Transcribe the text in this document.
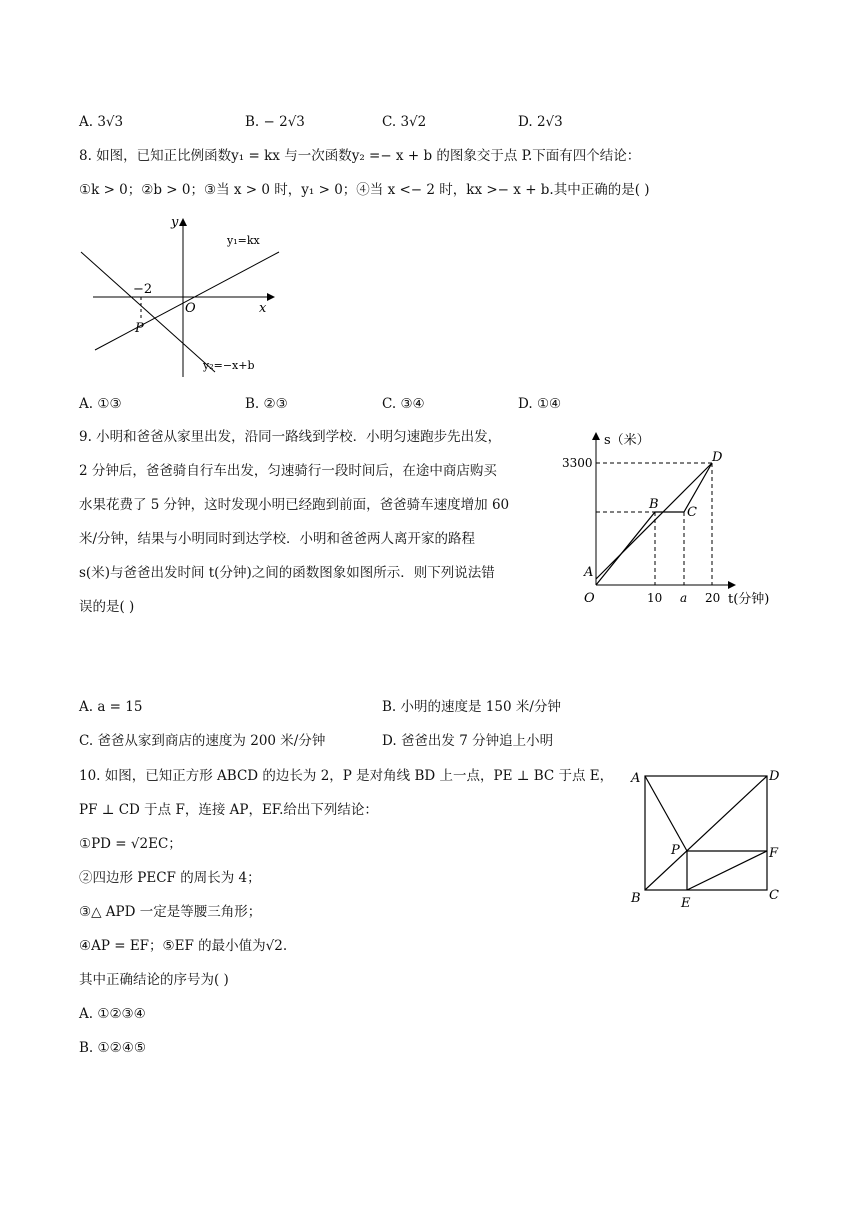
A. 3√3	B. − 2√3	C. 3√2	D. 2√3
8. 如图，已知正比例函数y₁ = kx 与一次函数y₂ =− x + b 的图象交于点 P.下面有四个结论：
①k > 0；②b > 0；③当 x > 0 时，y₁ > 0；④当 x <− 2 时，kx >− x + b.其中正确的是( )
y
x
O
−2
P
y₁=kx
y₂=−x+b
A. ①③	B. ②③	C. ③④	D. ①④
9. 小明和爸爸从家里出发，沿同一路线到学校．小明匀速跑步先出发，
2 分钟后，爸爸骑自行车出发，匀速骑行一段时间后，在途中商店购买
水果花费了 5 分钟，这时发现小明已经跑到前面，爸爸骑车速度增加 60
米/分钟，结果与小明同时到达学校．小明和爸爸两人离开家的路程
s(米)与爸爸出发时间 t(分钟)之间的函数图象如图所示．则下列说法错
误的是( )
s（米）
3300
A
B
C
D
O	10 a 20 t(分钟)
A. a = 15	B. 小明的速度是 150 米/分钟
C. 爸爸从家到商店的速度为 200 米/分钟	D. 爸爸出发 7 分钟追上小明
10. 如图，已知正方形 ABCD 的边长为 2，P 是对角线 BD 上一点，PE ⊥ BC 于点 E，
PF ⊥ CD 于点 F，连接 AP，EF.给出下列结论：
①PD = √2EC；
②四边形 PECF 的周长为 4；
③△ APD 一定是等腰三角形；
④AP = EF；⑤EF 的最小值为√2.
其中正确结论的序号为( )
A. ①②③④
B. ①②④⑤
A	D
P	F
B	E
C
